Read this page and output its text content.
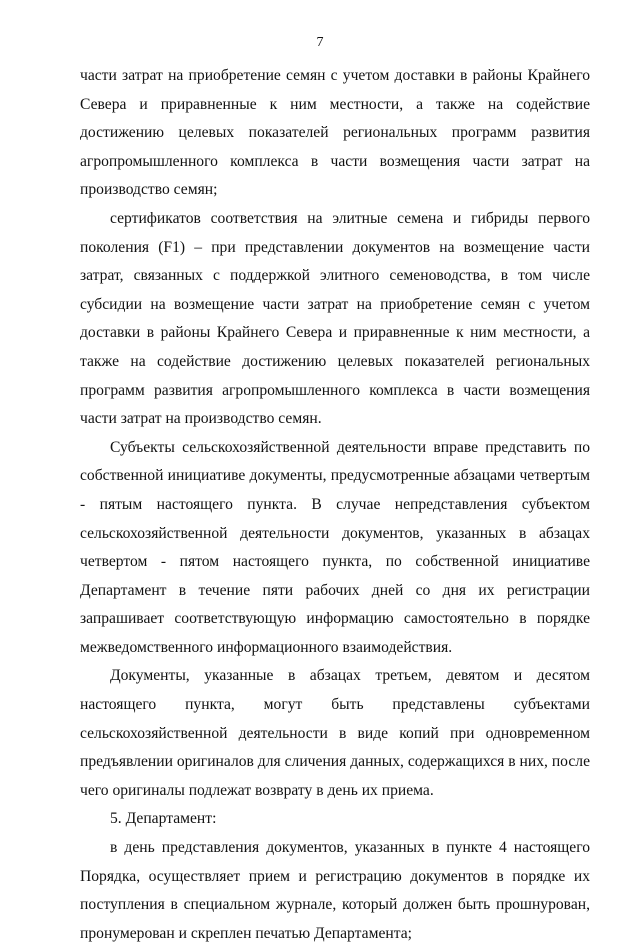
7

части затрат на приобретение семян с учетом доставки в районы Крайнего Севера и приравненные к ним местности, а также на содействие достижению целевых показателей региональных программ развития агропромышленного комплекса в части возмещения части затрат на производство семян;

сертификатов соответствия на элитные семена и гибриды первого поколения (F1) – при представлении документов на возмещение части затрат, связанных с поддержкой элитного семеноводства, в том числе субсидии на возмещение части затрат на приобретение семян с учетом доставки в районы Крайнего Севера и приравненные к ним местности, а также на содействие достижению целевых показателей региональных программ развития агропромышленного комплекса в части возмещения части затрат на производство семян.

Субъекты сельскохозяйственной деятельности вправе представить по собственной инициативе документы, предусмотренные абзацами четвертым - пятым настоящего пункта. В случае непредставления субъектом сельскохозяйственной деятельности документов, указанных в абзацах четвертом - пятом настоящего пункта, по собственной инициативе Департамент в течение пяти рабочих дней со дня их регистрации запрашивает соответствующую информацию самостоятельно в порядке межведомственного информационного взаимодействия.

Документы, указанные в абзацах третьем, девятом и десятом настоящего пункта, могут быть представлены субъектами сельскохозяйственной деятельности в виде копий при одновременном предъявлении оригиналов для сличения данных, содержащихся в них, после чего оригиналы подлежат возврату в день их приема.

5. Департамент:

в день представления документов, указанных в пункте 4 настоящего Порядка, осуществляет прием и регистрацию документов в порядке их поступления в специальном журнале, который должен быть прошнурован, пронумерован и скреплен печатью Департамента;
